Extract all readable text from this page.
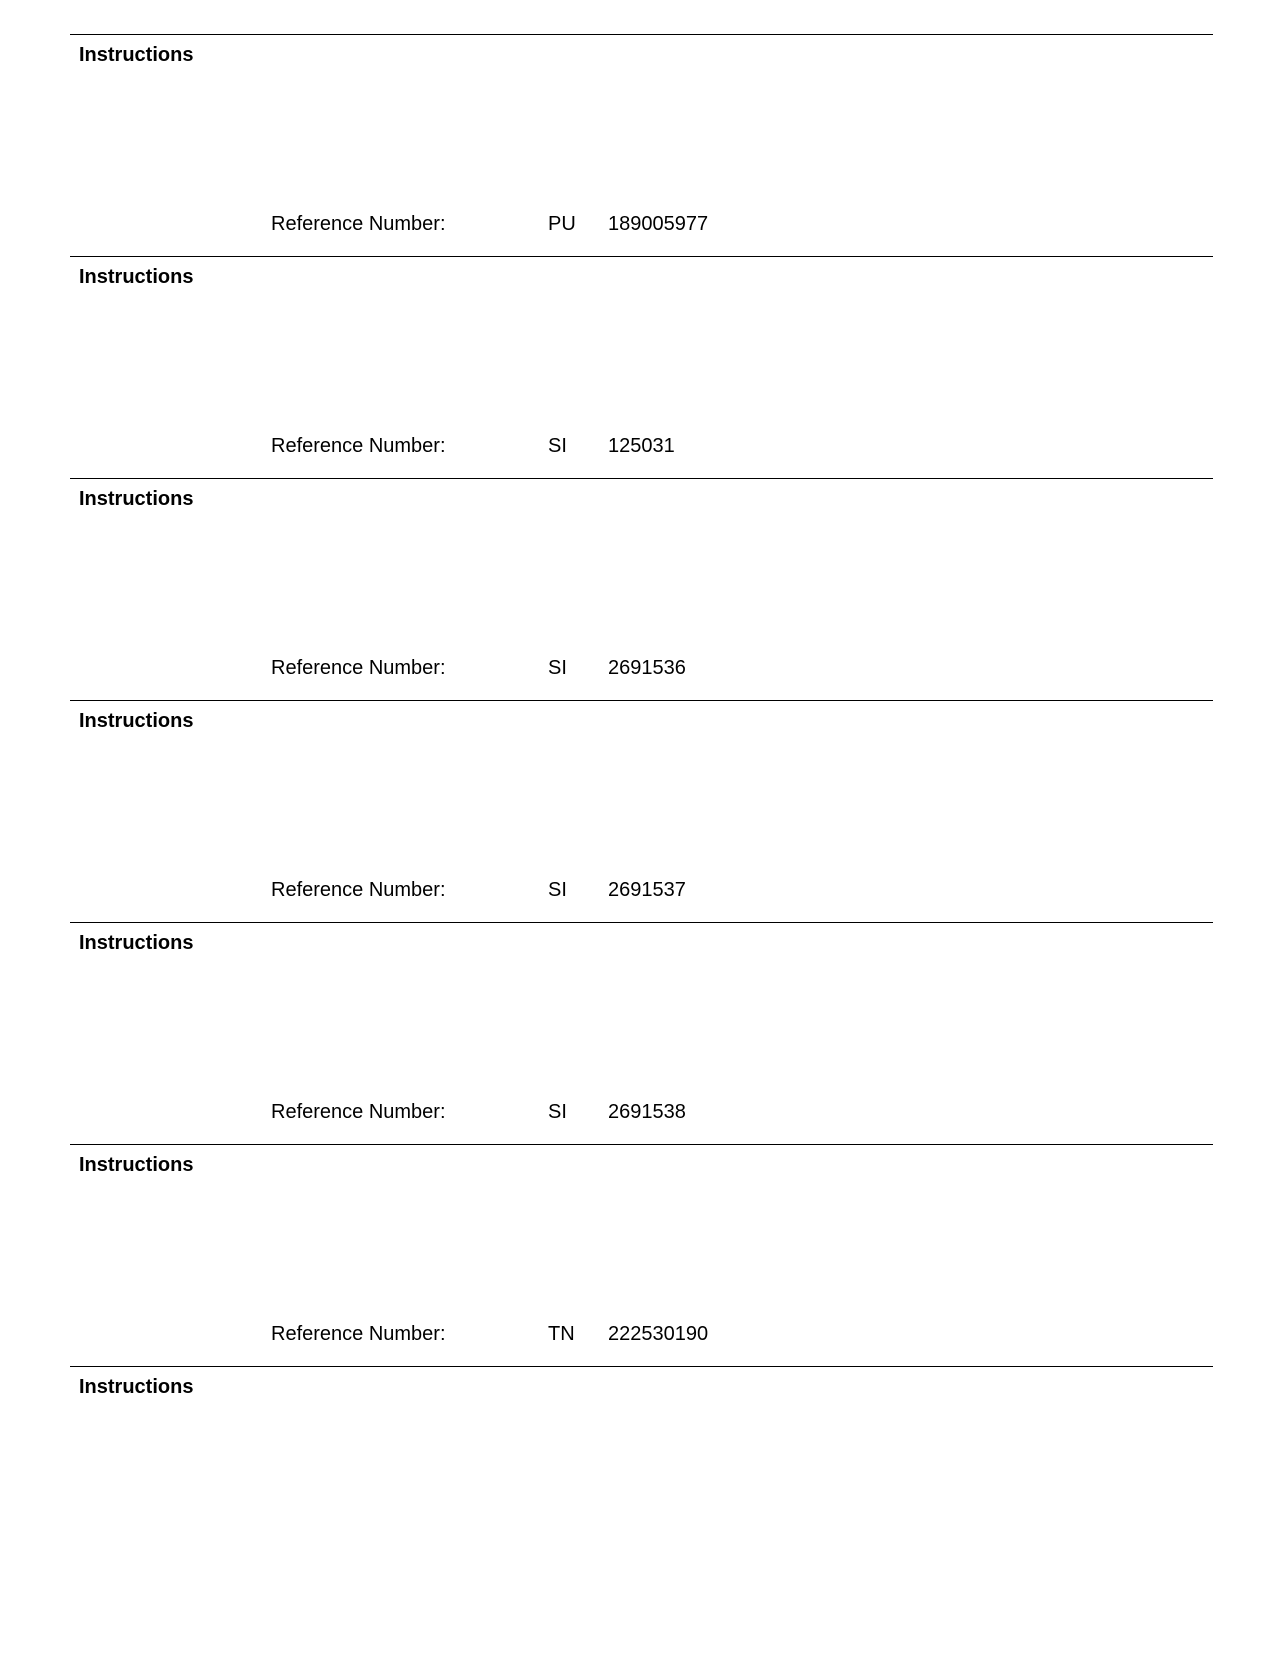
Instructions
Reference Number:	PU 189005977
Instructions
Reference Number:	SI 125031
Instructions
Reference Number:	SI 2691536
Instructions
Reference Number:	SI 2691537
Instructions
Reference Number:	SI 2691538
Instructions
Reference Number:	TN 222530190
Instructions
